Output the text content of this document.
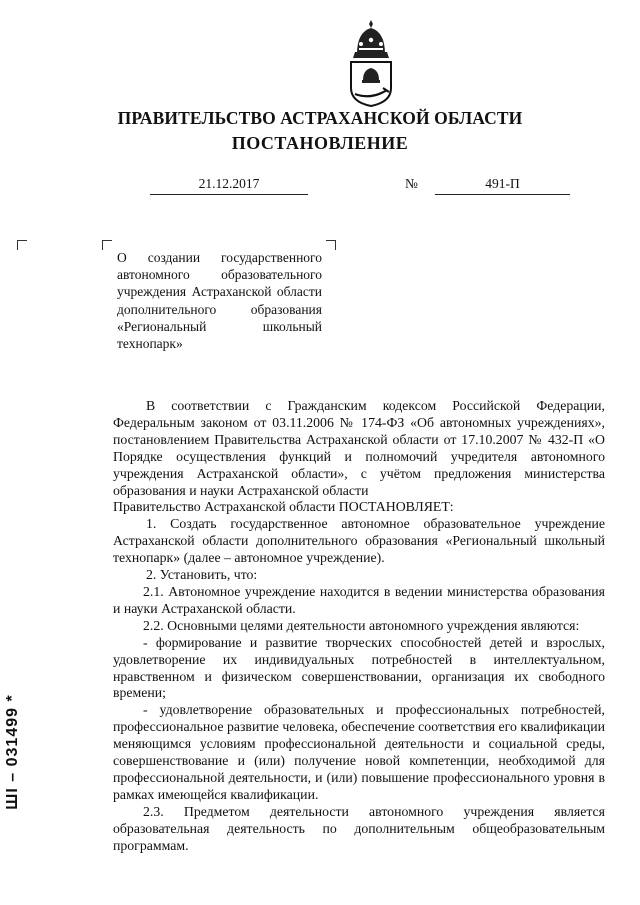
ПРАВИТЕЛЬСТВО АСТРАХАНСКОЙ ОБЛАСТИ
ПОСТАНОВЛЕНИЕ
21.12.2017	№	491-П
О создании государственного автономного образовательного учреждения Астраханской области дополнительного образования «Региональный школьный технопарк»

В соответствии с Гражданским кодексом Российской Федерации, Федеральным законом от 03.11.2006 № 174-ФЗ «Об автономных учреждениях», постановлением Правительства Астраханской области от 17.10.2007 № 432-П «О Порядке осуществления функций и полномочий учредителя автономного учреждения Астраханской области», с учётом предложения министерства образования и науки Астраханской области

Правительство Астраханской области ПОСТАНОВЛЯЕТ:

1. Создать государственное автономное образовательное учреждение Астраханской области дополнительного образования «Региональный школьный технопарк» (далее – автономное учреждение).

2. Установить, что:

2.1. Автономное учреждение находится в ведении министерства образования и науки Астраханской области.

2.2. Основными целями деятельности автономного учреждения являются:

- формирование и развитие творческих способностей детей и взрослых, удовлетворение их индивидуальных потребностей в интеллектуальном, нравственном и физическом совершенствовании, организация их свободного времени;

- удовлетворение образовательных и профессиональных потребностей, профессиональное развитие человека, обеспечение соответствия его квалификации меняющимся условиям профессиональной деятельности и социальной среды, совершенствование и (или) получение новой компетенции, необходимой для профессиональной деятельности, и (или) повышение профессионального уровня в рамках имеющейся квалификации.

2.3. Предметом деятельности автономного учреждения является образовательная деятельность по дополнительным общеобразовательным программам.

ШI – 031499 *
